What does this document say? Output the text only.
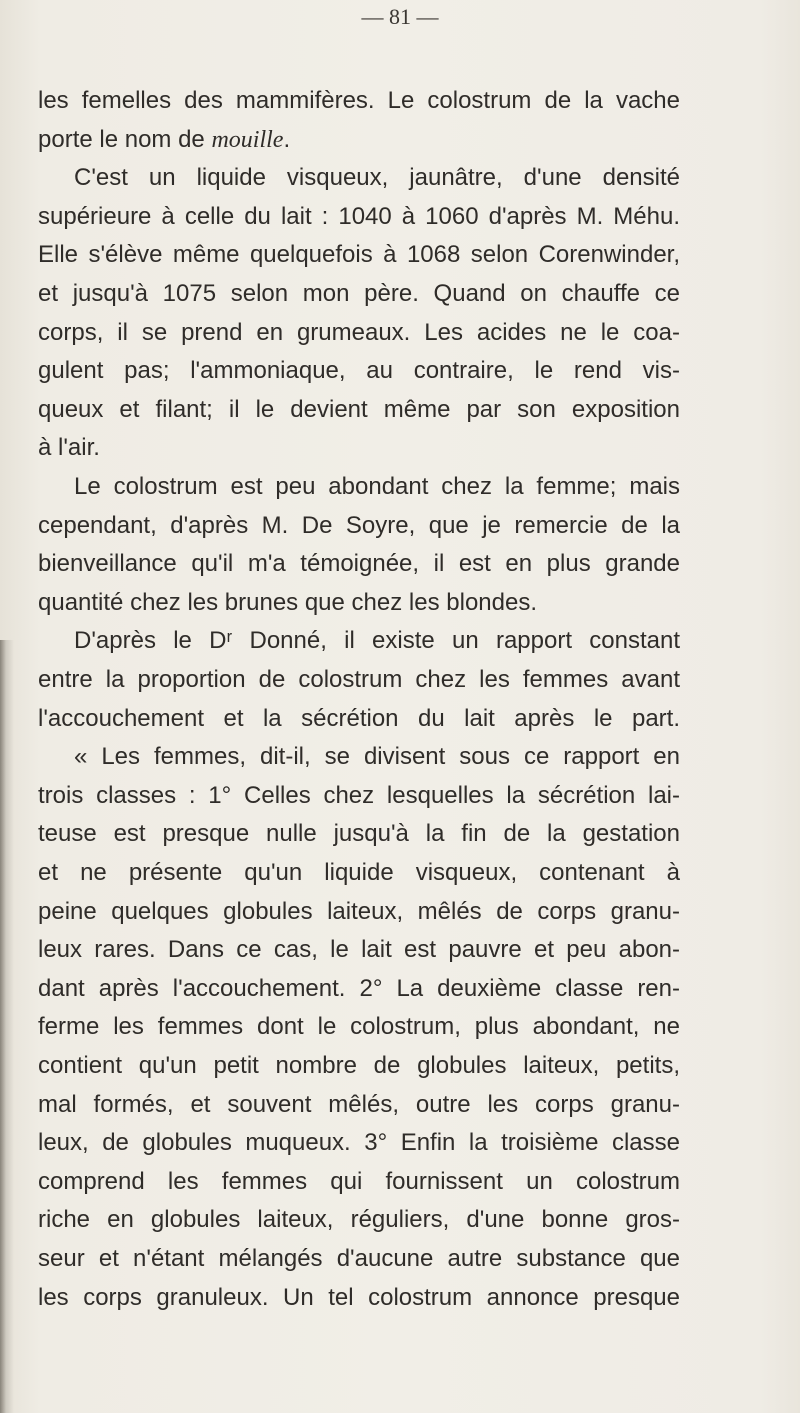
— 81 —

les femelles des mammifères. Le colostrum de la vache
porte le nom de mouille.
C'est un liquide visqueux, jaunâtre, d'une densité
supérieure à celle du lait : 1040 à 1060 d'après M. Méhu.
Elle s'élève même quelquefois à 1068 selon Corenwinder,
et jusqu'à 1075 selon mon père. Quand on chauffe ce
corps, il se prend en grumeaux. Les acides ne le coa-
gulent pas; l'ammoniaque, au contraire, le rend vis-
queux et filant; il le devient même par son exposition
à l'air.
Le colostrum est peu abondant chez la femme; mais
cependant, d'après M. De Soyre, que je remercie de la
bienveillance qu'il m'a témoignée, il est en plus grande
quantité chez les brunes que chez les blondes.
D'après le Dʳ Donné, il existe un rapport constant
entre la proportion de colostrum chez les femmes avant
l'accouchement et la sécrétion du lait après le part.
« Les femmes, dit-il, se divisent sous ce rapport en
trois classes : 1° Celles chez lesquelles la sécrétion lai-
teuse est presque nulle jusqu'à la fin de la gestation
et ne présente qu'un liquide visqueux, contenant à
peine quelques globules laiteux, mêlés de corps granu-
leux rares. Dans ce cas, le lait est pauvre et peu abon-
dant après l'accouchement. 2° La deuxième classe ren-
ferme les femmes dont le colostrum, plus abondant, ne
contient qu'un petit nombre de globules laiteux, petits,
mal formés, et souvent mêlés, outre les corps granu-
leux, de globules muqueux. 3° Enfin la troisième classe
comprend les femmes qui fournissent un colostrum
riche en globules laiteux, réguliers, d'une bonne gros-
seur et n'étant mélangés d'aucune autre substance que
les corps granuleux. Un tel colostrum annonce presque
